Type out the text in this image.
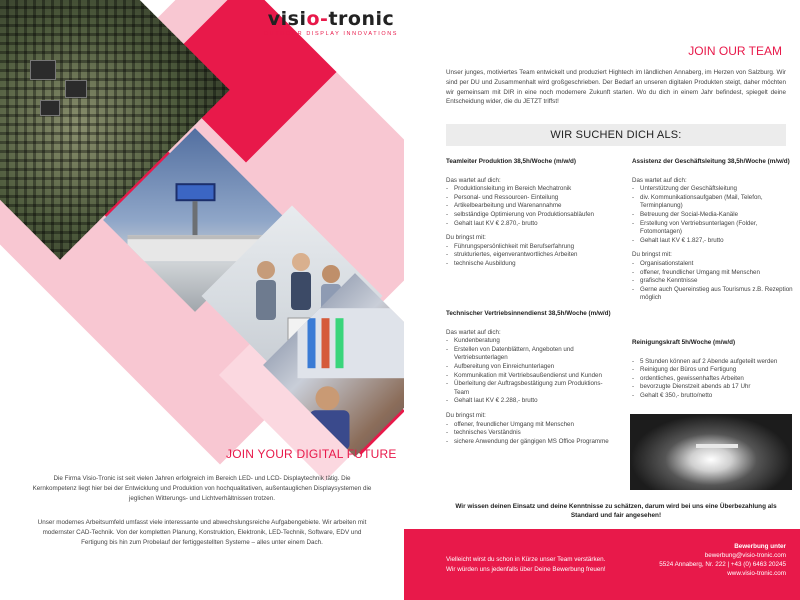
visio-tronic
OUTDOOR DISPLAY INNOVATIONS
JOIN YOUR DIGITAL FUTURE

Die Firma Visio-Tronic ist seit vielen Jahren erfolgreich im Bereich LED- und LCD- Displaytechnik tätig. Die Kernkompetenz liegt hier bei der Entwicklung und Produktion von hochqualitativen, außentauglichen Displaysystemen die jeglichen Witterungs- und Lichtverhältnissen trotzen.

Unser modernes Arbeitsumfeld umfasst viele interessante und abwechslungsreiche Aufgabengebiete. Wir arbeiten mit modernster CAD-Technik. Von der kompletten Planung, Konstruktion, Elektronik, LED-Technik, Software, EDV und Fertigung bis hin zum Probelauf der fertiggestellten Systeme – alles unter einem Dach.

JOIN OUR TEAM

Unser junges, motiviertes Team entwickelt und produziert Hightech im ländlichen Annaberg, im Herzen von Salzburg. Wir sind per DU und Zusammenhalt wird großgeschrieben. Der Bedarf an unseren digitalen Produkten steigt, daher möchten wir gemeinsam mit DIR in eine noch modernere Zukunft starten. Wo du dich in einem Jahr befindest, spiegelt deine Entscheidung wider, die du JETZT triffst!

WIR SUCHEN DICH ALS:
Teamleiter Produktion 38,5h/Woche (m/w/d)
Das wartet auf dich:
- Produktionsleitung im Bereich Mechatronik
- Personal- und Ressourcen- Einteilung
- Artikelbearbeitung und Warenannahme
- selbständige Optimierung von Produktionsabläufen
- Gehalt laut KV € 2.870,- brutto
Du bringst mit:
- Führungspersönlichkeit mit Berufserfahrung
- strukturiertes, eigenverantwortliches Arbeiten
- technische Ausbildung
Assistenz der Geschäftsleitung 38,5h/Woche (m/w/d)
Das wartet auf dich:
- Unterstützung der Geschäftsleitung
- div. Kommunikationsaufgaben (Mail, Telefon, Terminplanung)
- Betreuung der Social-Media-Kanäle
- Erstellung von Vertriebsunterlagen (Folder, Fotomontagen)
- Gehalt laut KV € 1.827,- brutto
Du bringst mit:
- Organisationstalent
- offener, freundlicher Umgang mit Menschen
- grafische Kenntnisse
- Gerne auch Quereinstieg aus Tourismus z.B. Rezeption möglich
Technischer Vertriebsinnendienst 38,5h/Woche (m/w/d)
Das wartet auf dich:
- Kundenberatung
- Erstellen von Datenblättern, Angeboten und Vertriebsunterlagen
- Aufbereitung von Einreichunterlagen
- Kommunikation mit Vertriebsaußendienst und Kunden
- Überleitung der Auftragsbestätigung zum Produktions-Team
- Gehalt laut KV € 2.288,- brutto
Du bringst mit:
- offener, freundlicher Umgang mit Menschen
- technisches Verständnis
- sichere Anwendung der gängigen MS Office Programme
Reinigungskraft 5h/Woche (m/w/d)
- 5 Stunden können auf 2 Abende aufgeteilt werden
- Reinigung der Büros und Fertigung
- ordentliches, gewissenhaftes Arbeiten
- bevorzugte Dienstzeit abends ab 17 Uhr
- Gehalt € 350,- brutto/netto

Wir wissen deinen Einsatz und deine Kenntnisse zu schätzen, darum wird bei uns eine Überbezahlung als Standard und fair angesehen!

Vielleicht wirst du schon in Kürze unser Team verstärken.
Wir würden uns jedenfalls über Deine Bewerbung freuen!
Bewerbung unter
bewerbung@visio-tronic.com
5524 Annaberg, Nr. 222 | +43 (0) 6463 20245
www.visio-tronic.com
